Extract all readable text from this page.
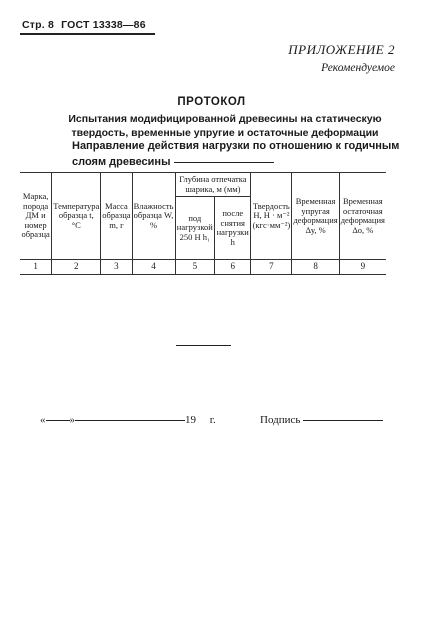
Стр. 8 ГОСТ 13338—86
ПРИЛОЖЕНИЕ 2
Рекомендуемое
ПРОТОКОЛ
Испытания модифицированной древесины на статическую твердость, временные упругие и остаточные деформации
Направление действия нагрузки по отношению к годичным
слоям древесины
Марка, порода ДМ и номер образца	Температура образца t, °С	Масса образца m, г	Влажность образца W, %	Глубина отпечатка шарика, м (мм)		Твердость H, Н · м⁻² (кгс·мм⁻²)	Временная упругая деформация Δу, %	Временная остаточная деформация Δо, %
				под нагрузкой 250 Н h₁	после снятия нагрузки h			
1	2	3	4	5	6	7	8	9
« »	19 г.	Подпись
